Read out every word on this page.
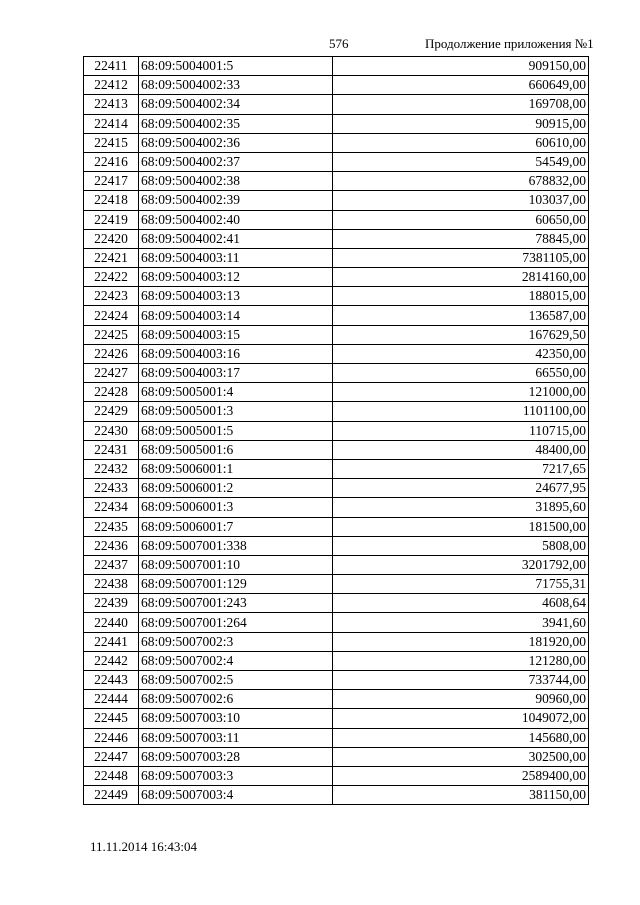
576	Продолжение приложения №1
22411	68:09:5004001:5	909150,00
22412	68:09:5004002:33	660649,00
22413	68:09:5004002:34	169708,00
22414	68:09:5004002:35	90915,00
22415	68:09:5004002:36	60610,00
22416	68:09:5004002:37	54549,00
22417	68:09:5004002:38	678832,00
22418	68:09:5004002:39	103037,00
22419	68:09:5004002:40	60650,00
22420	68:09:5004002:41	78845,00
22421	68:09:5004003:11	7381105,00
22422	68:09:5004003:12	2814160,00
22423	68:09:5004003:13	188015,00
22424	68:09:5004003:14	136587,00
22425	68:09:5004003:15	167629,50
22426	68:09:5004003:16	42350,00
22427	68:09:5004003:17	66550,00
22428	68:09:5005001:4	121000,00
22429	68:09:5005001:3	1101100,00
22430	68:09:5005001:5	110715,00
22431	68:09:5005001:6	48400,00
22432	68:09:5006001:1	7217,65
22433	68:09:5006001:2	24677,95
22434	68:09:5006001:3	31895,60
22435	68:09:5006001:7	181500,00
22436	68:09:5007001:338	5808,00
22437	68:09:5007001:10	3201792,00
22438	68:09:5007001:129	71755,31
22439	68:09:5007001:243	4608,64
22440	68:09:5007001:264	3941,60
22441	68:09:5007002:3	181920,00
22442	68:09:5007002:4	121280,00
22443	68:09:5007002:5	733744,00
22444	68:09:5007002:6	90960,00
22445	68:09:5007003:10	1049072,00
22446	68:09:5007003:11	145680,00
22447	68:09:5007003:28	302500,00
22448	68:09:5007003:3	2589400,00
22449	68:09:5007003:4	381150,00
11.11.2014 16:43:04
